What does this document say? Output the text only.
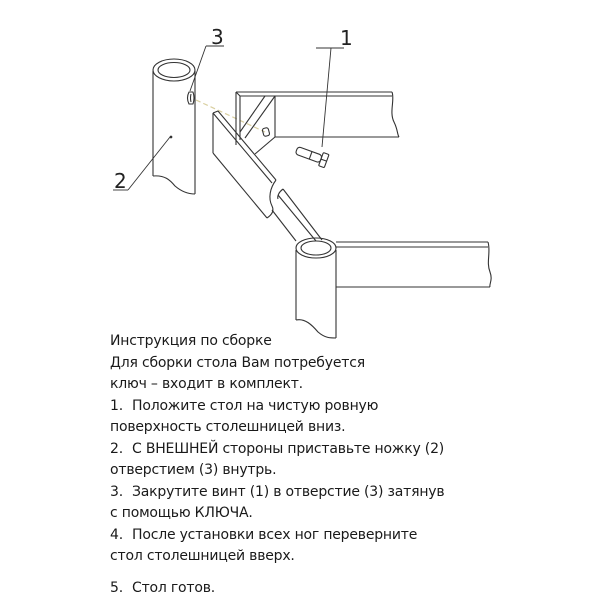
1
3
2
Инструкция по сборке
Для сборки стола Вам потребуется
ключ – входит в комплект.
1. Положите стол на чистую ровную
поверхность столешницей вниз.
2. С ВНЕШНЕЙ стороны приставьте ножку (2)
отверстием (3) внутрь.
3. Закрутите винт (1) в отверстие (3) затянув
с помощью КЛЮЧА.
4. После установки всех ног переверните
стол столешницей вверх.
5. Стол готов.
